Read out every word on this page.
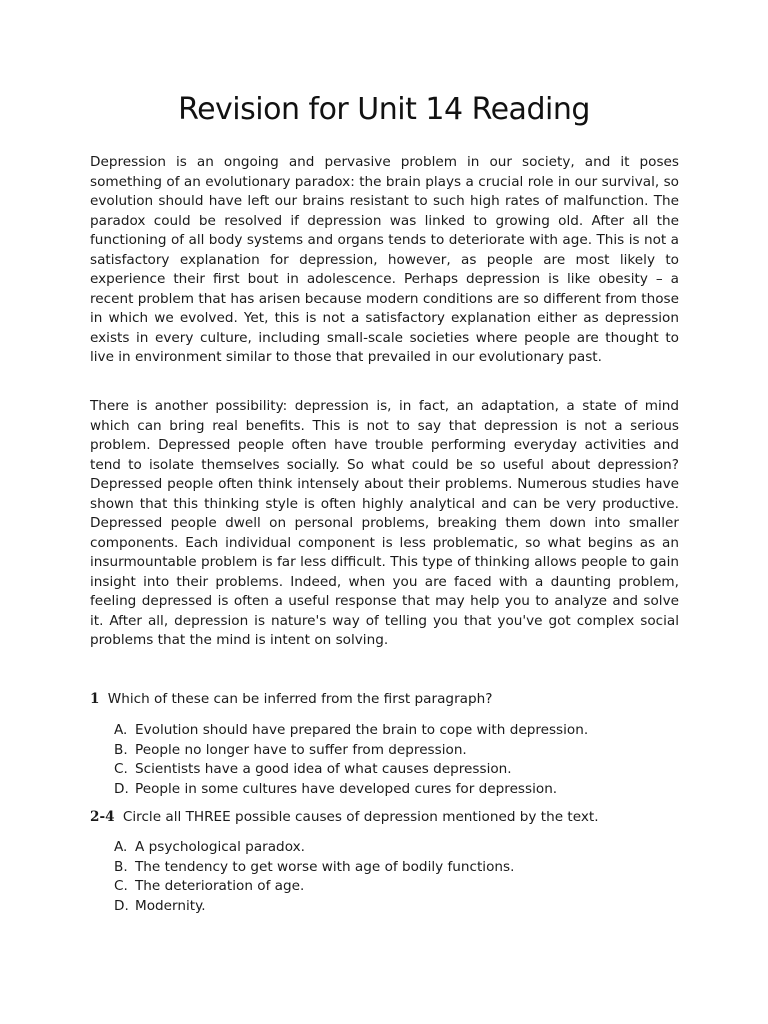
Revision for Unit 14 Reading

Depression is an ongoing and pervasive problem in our society, and it poses something of an evolutionary paradox: the brain plays a crucial role in our survival, so evolution should have left our brains resistant to such high rates of malfunction. The paradox could be resolved if depression was linked to growing old. After all the functioning of all body systems and organs tends to deteriorate with age. This is not a satisfactory explanation for depression, however, as people are most likely to experience their first bout in adolescence. Perhaps depression is like obesity – a recent problem that has arisen because modern conditions are so different from those in which we evolved. Yet, this is not a satisfactory explanation either as depression exists in every culture, including small-scale societies where people are thought to live in environment similar to those that prevailed in our evolutionary past.

There is another possibility: depression is, in fact, an adaptation, a state of mind which can bring real benefits. This is not to say that depression is not a serious problem. Depressed people often have trouble performing everyday activities and tend to isolate themselves socially. So what could be so useful about depression? Depressed people often think intensely about their problems. Numerous studies have shown that this thinking style is often highly analytical and can be very productive. Depressed people dwell on personal problems, breaking them down into smaller components. Each individual component is less problematic, so what begins as an insurmountable problem is far less difficult. This type of thinking allows people to gain insight into their problems. Indeed, when you are faced with a daunting problem, feeling depressed is often a useful response that may help you to analyze and solve it. After all, depression is nature's way of telling you that you've got complex social problems that the mind is intent on solving.

1 Which of these can be inferred from the first paragraph?

A. Evolution should have prepared the brain to cope with depression.
B. People no longer have to suffer from depression.
C. Scientists have a good idea of what causes depression.
D. People in some cultures have developed cures for depression.

2-4 Circle all THREE possible causes of depression mentioned by the text.

A. A psychological paradox.
B. The tendency to get worse with age of bodily functions.
C. The deterioration of age.
D. Modernity.
